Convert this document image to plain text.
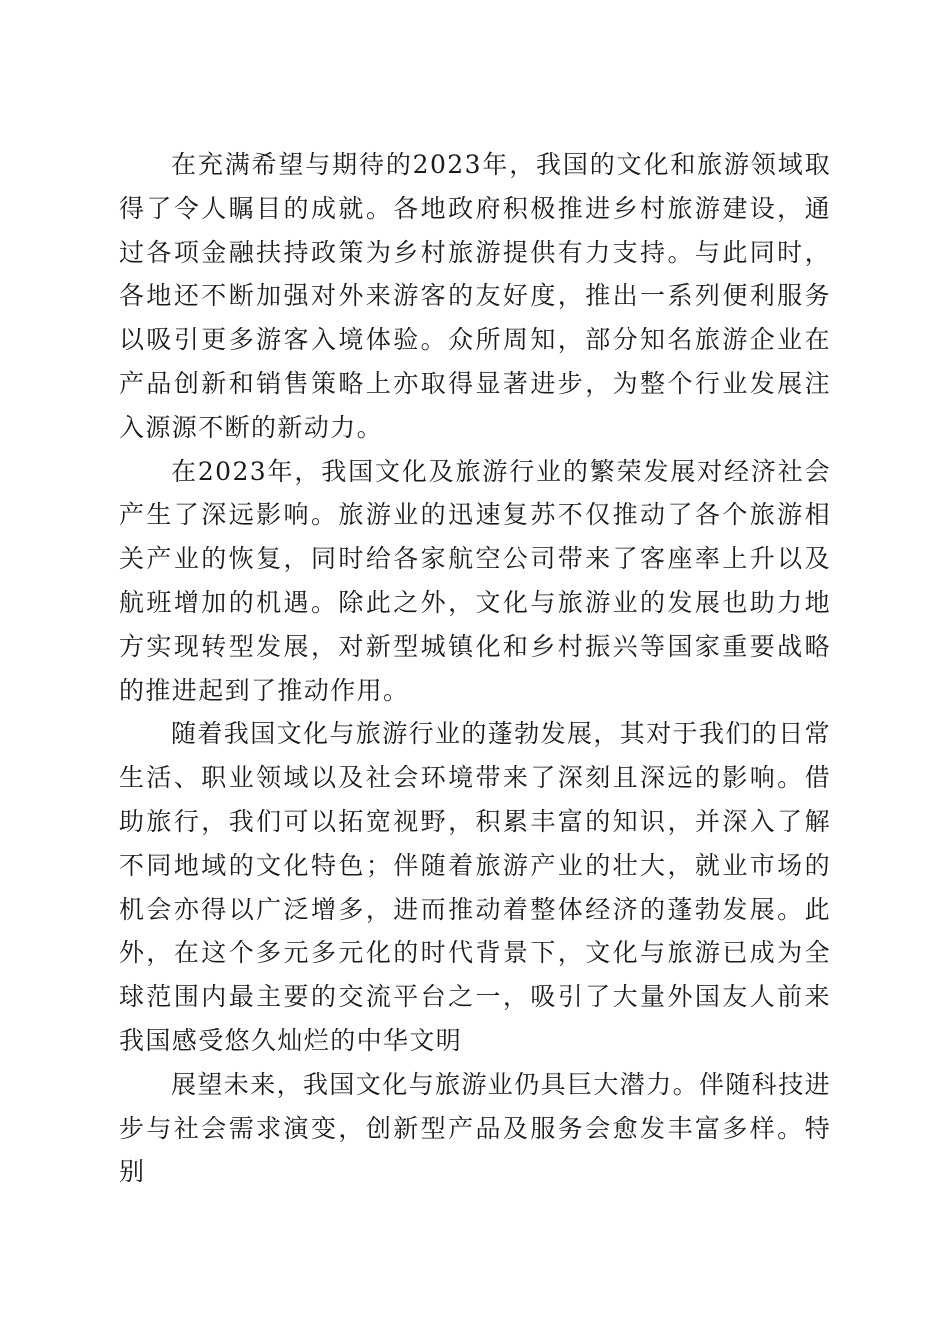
在充满希望与期待的2023年，我国的文化和旅游领域取得了令人瞩目的成就。各地政府积极推进乡村旅游建设，通过各项金融扶持政策为乡村旅游提供有力支持。与此同时，各地还不断加强对外来游客的友好度，推出一系列便利服务以吸引更多游客入境体验。众所周知，部分知名旅游企业在产品创新和销售策略上亦取得显著进步，为整个行业发展注入源源不断的新动力。

在2023年，我国文化及旅游行业的繁荣发展对经济社会产生了深远影响。旅游业的迅速复苏不仅推动了各个旅游相关产业的恢复，同时给各家航空公司带来了客座率上升以及航班增加的机遇。除此之外，文化与旅游业的发展也助力地方实现转型发展，对新型城镇化和乡村振兴等国家重要战略的推进起到了推动作用。

随着我国文化与旅游行业的蓬勃发展，其对于我们的日常生活、职业领域以及社会环境带来了深刻且深远的影响。借助旅行，我们可以拓宽视野，积累丰富的知识，并深入了解不同地域的文化特色；伴随着旅游产业的壮大，就业市场的机会亦得以广泛增多，进而推动着整体经济的蓬勃发展。此外，在这个多元多元化的时代背景下，文化与旅游已成为全球范围内最主要的交流平台之一，吸引了大量外国友人前来我国感受悠久灿烂的中华文明

展望未来，我国文化与旅游业仍具巨大潜力。伴随科技进步与社会需求演变，创新型产品及服务会愈发丰富多样。特别
